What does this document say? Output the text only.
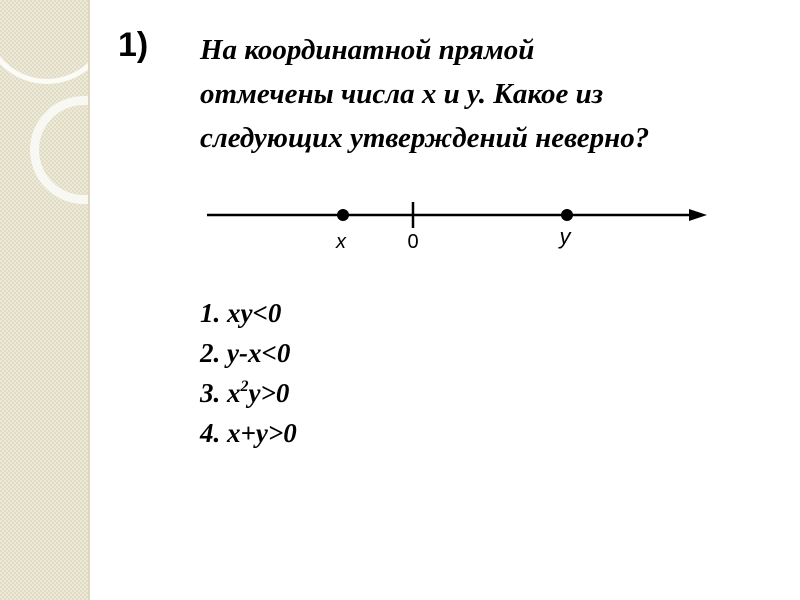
1) На координатной прямой
отмечены числа x и y. Какое из
следующих утверждений неверно?
x	0	y
1. xy<0
2. y-x<0
3. $x^2y>0$
4. x+y>0
